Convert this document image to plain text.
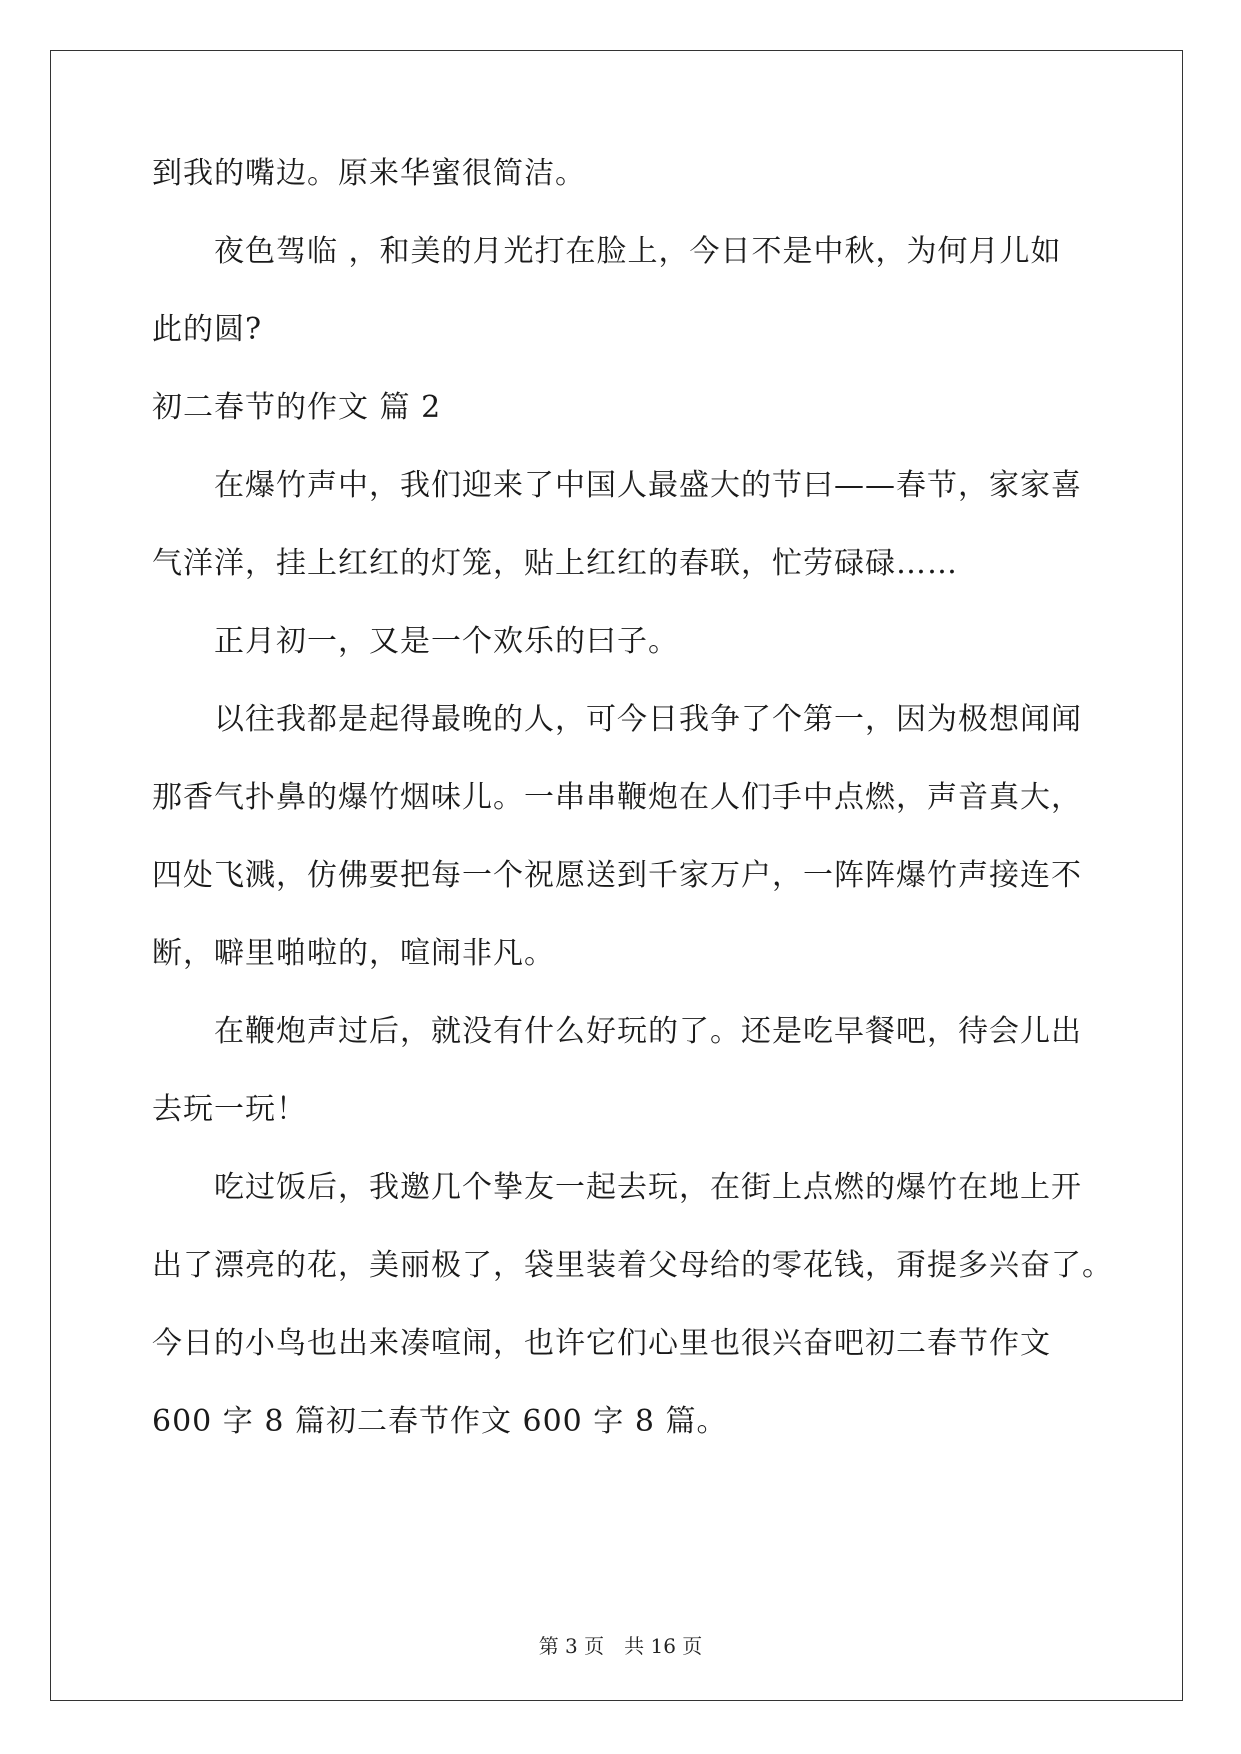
到我的嘴边。原来华蜜很简洁。
夜色驾临 ，和美的月光打在脸上，今日不是中秋，为何月儿如
此的圆?
初二春节的作文 篇 2
在爆竹声中，我们迎来了中国人最盛大的节曰——春节，家家喜
气洋洋，挂上红红的灯笼，贴上红红的春联，忙劳碌碌……
正月初一，又是一个欢乐的曰子。
以往我都是起得最晚的人，可今日我争了个第一，因为极想闻闻
那香气扑鼻的爆竹烟味儿。一串串鞭炮在人们手中点燃，声音真大，
四处飞溅，仿佛要把每一个祝愿送到千家万户，一阵阵爆竹声接连不
断，噼里啪啦的，喧闹非凡。
在鞭炮声过后，就没有什么好玩的了。还是吃早餐吧，待会儿出
去玩一玩！
吃过饭后，我邀几个挚友一起去玩，在街上点燃的爆竹在地上开
出了漂亮的花，美丽极了，袋里装着父母给的零花钱，甭提多兴奋了。
今日的小鸟也出来凑喧闹，也许它们心里也很兴奋吧初二春节作文
600 字 8 篇初二春节作文 600 字 8 篇。
第 3 页 共 16 页
